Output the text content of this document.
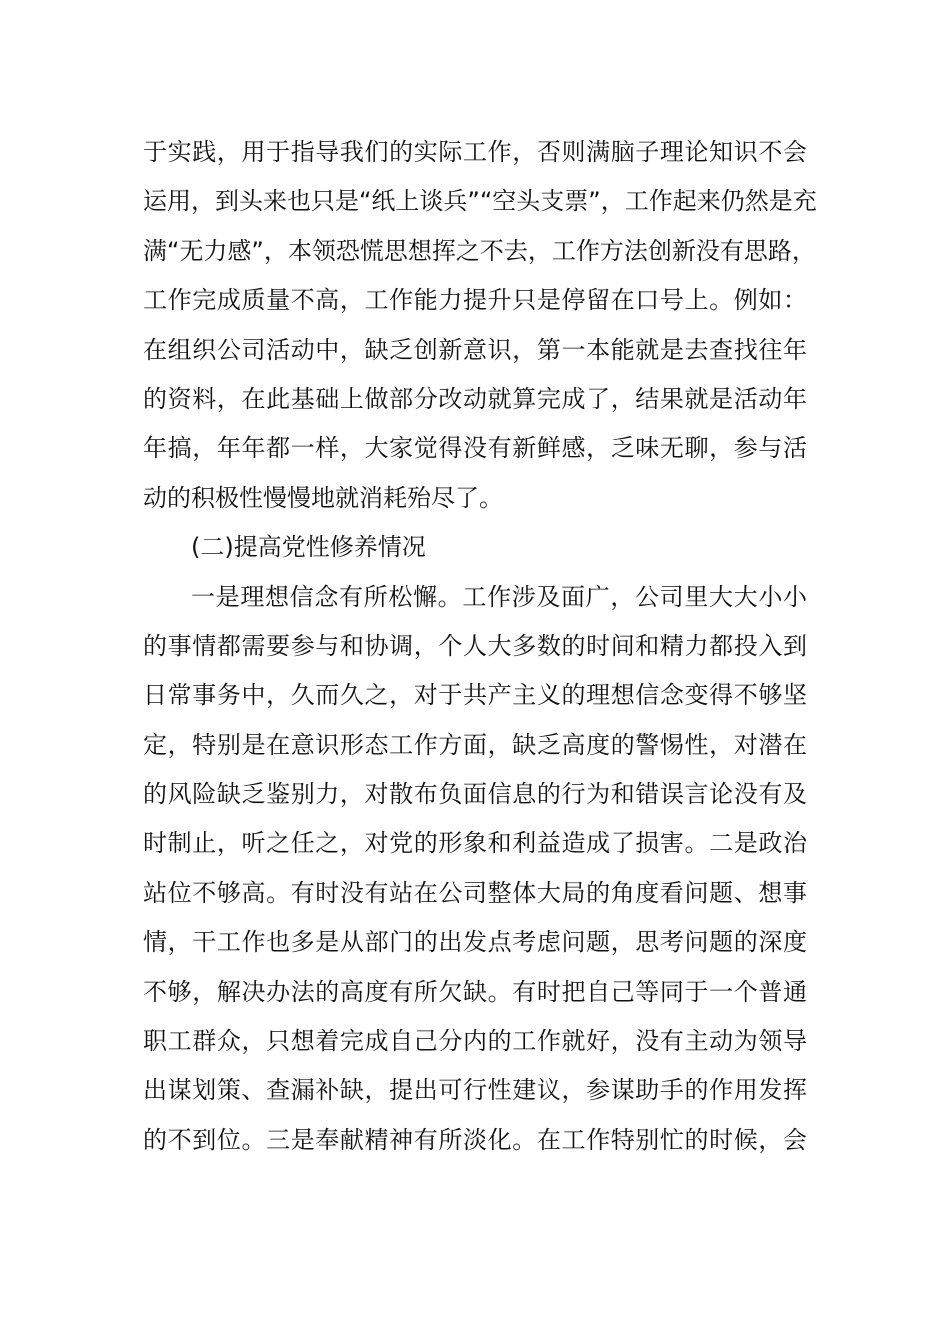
于实践，用于指导我们的实际工作，否则满脑子理论知识不会
运用，到头来也只是“纸上谈兵”“空头支票”，工作起来仍然是充
满“无力感”，本领恐慌思想挥之不去，工作方法创新没有思路，
工作完成质量不高，工作能力提升只是停留在口号上。例如：
在组织公司活动中，缺乏创新意识，第一本能就是去查找往年
的资料，在此基础上做部分改动就算完成了，结果就是活动年
年搞，年年都一样，大家觉得没有新鲜感，乏味无聊，参与活
动的积极性慢慢地就消耗殆尽了。
(二)提高党性修养情况
一是理想信念有所松懈。工作涉及面广，公司里大大小小
的事情都需要参与和协调，个人大多数的时间和精力都投入到
日常事务中，久而久之，对于共产主义的理想信念变得不够坚
定，特别是在意识形态工作方面，缺乏高度的警惕性，对潜在
的风险缺乏鉴别力，对散布负面信息的行为和错误言论没有及
时制止，听之任之，对党的形象和利益造成了损害。二是政治
站位不够高。有时没有站在公司整体大局的角度看问题、想事
情，干工作也多是从部门的出发点考虑问题，思考问题的深度
不够，解决办法的高度有所欠缺。有时把自己等同于一个普通
职工群众，只想着完成自己分内的工作就好，没有主动为领导
出谋划策、查漏补缺，提出可行性建议，参谋助手的作用发挥
的不到位。三是奉献精神有所淡化。在工作特别忙的时候，会
